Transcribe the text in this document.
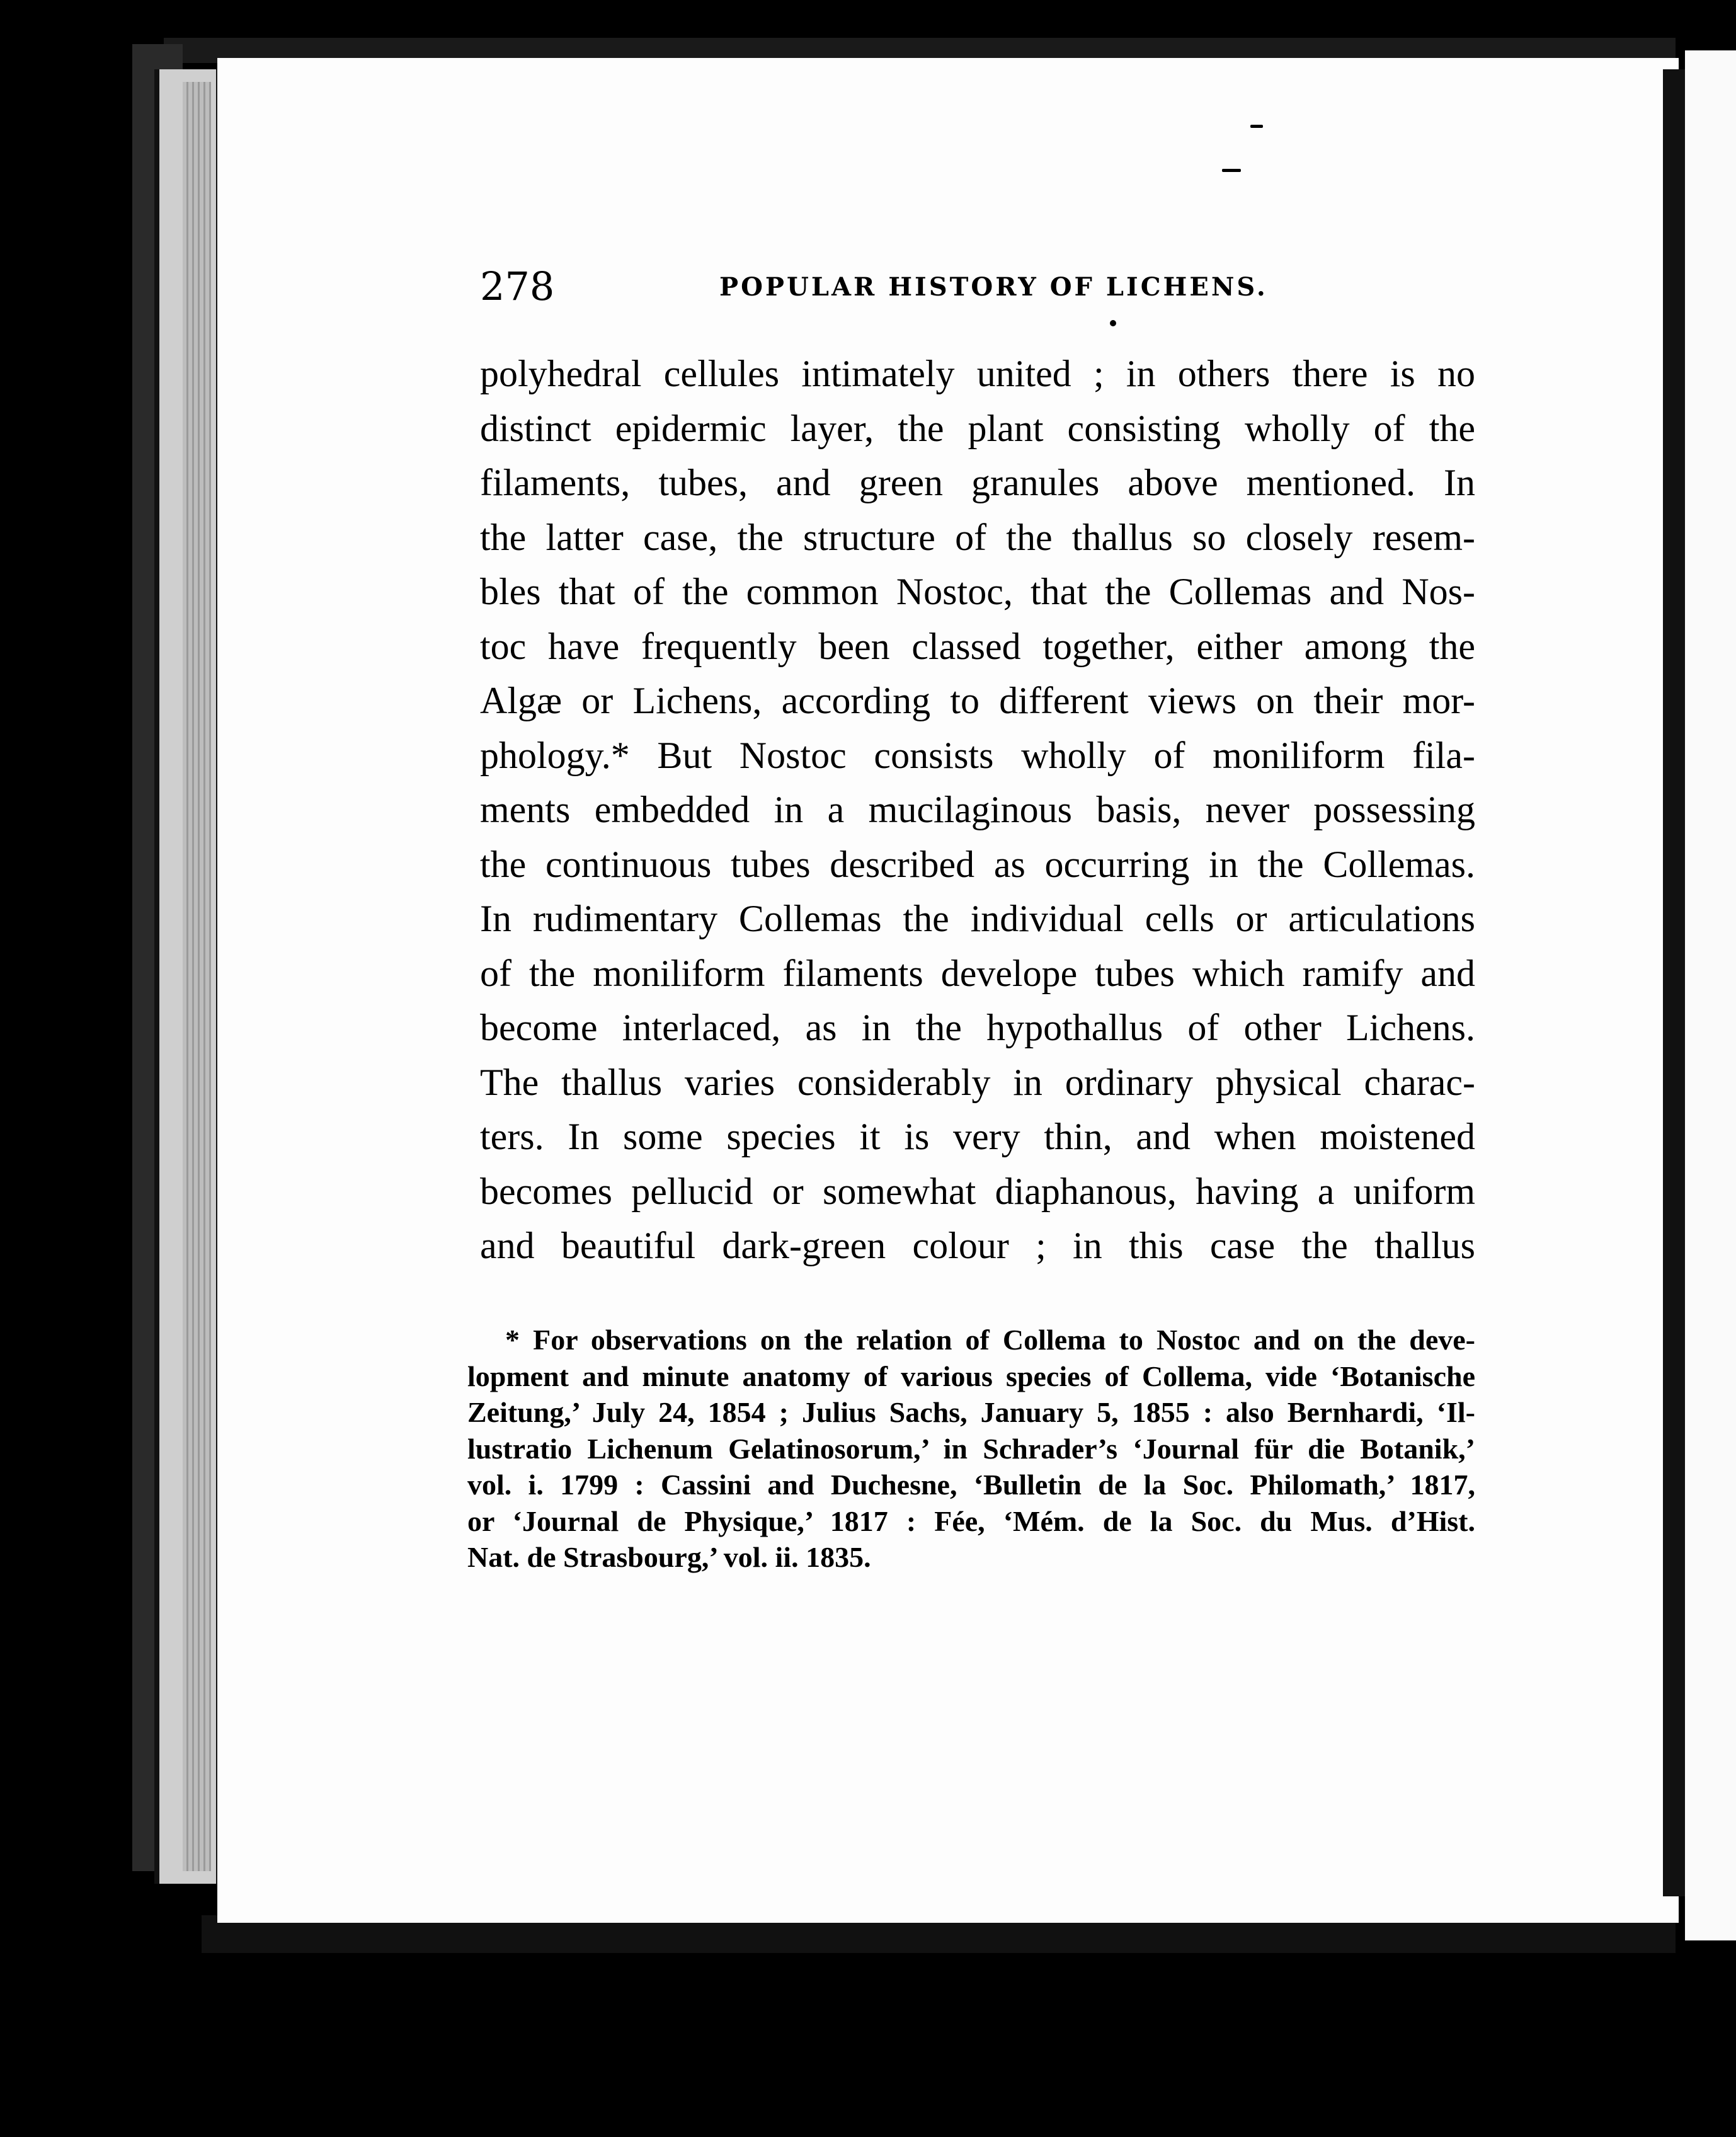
278	POPULAR HISTORY OF LICHENS.
polyhedral cellules intimately united ; in others there is no
distinct epidermic layer, the plant consisting wholly of the
filaments, tubes, and green granules above mentioned. In
the latter case, the structure of the thallus so closely resem-
bles that of the common Nostoc, that the Collemas and Nos-
toc have frequently been classed together, either among the
Algæ or Lichens, according to different views on their mor-
phology.* But Nostoc consists wholly of moniliform fila-
ments embedded in a mucilaginous basis, never possessing
the continuous tubes described as occurring in the Collemas.
In rudimentary Collemas the individual cells or articulations
of the moniliform filaments develope tubes which ramify and
become interlaced, as in the hypothallus of other Lichens.
The thallus varies considerably in ordinary physical charac-
ters. In some species it is very thin, and when moistened
becomes pellucid or somewhat diaphanous, having a uniform
and beautiful dark-green colour ; in this case the thallus
* For observations on the relation of Collema to Nostoc and on the deve-
lopment and minute anatomy of various species of Collema, vide ‘Botanische
Zeitung,’ July 24, 1854 ; Julius Sachs, January 5, 1855 : also Bernhardi, ‘Il-
lustratio Lichenum Gelatinosorum,’ in Schrader’s ‘Journal für die Botanik,’
vol. i. 1799 : Cassini and Duchesne, ‘Bulletin de la Soc. Philomath,’ 1817,
or ‘Journal de Physique,’ 1817 : Fée, ‘Mém. de la Soc. du Mus. d’Hist.
Nat. de Strasbourg,’ vol. ii. 1835.
